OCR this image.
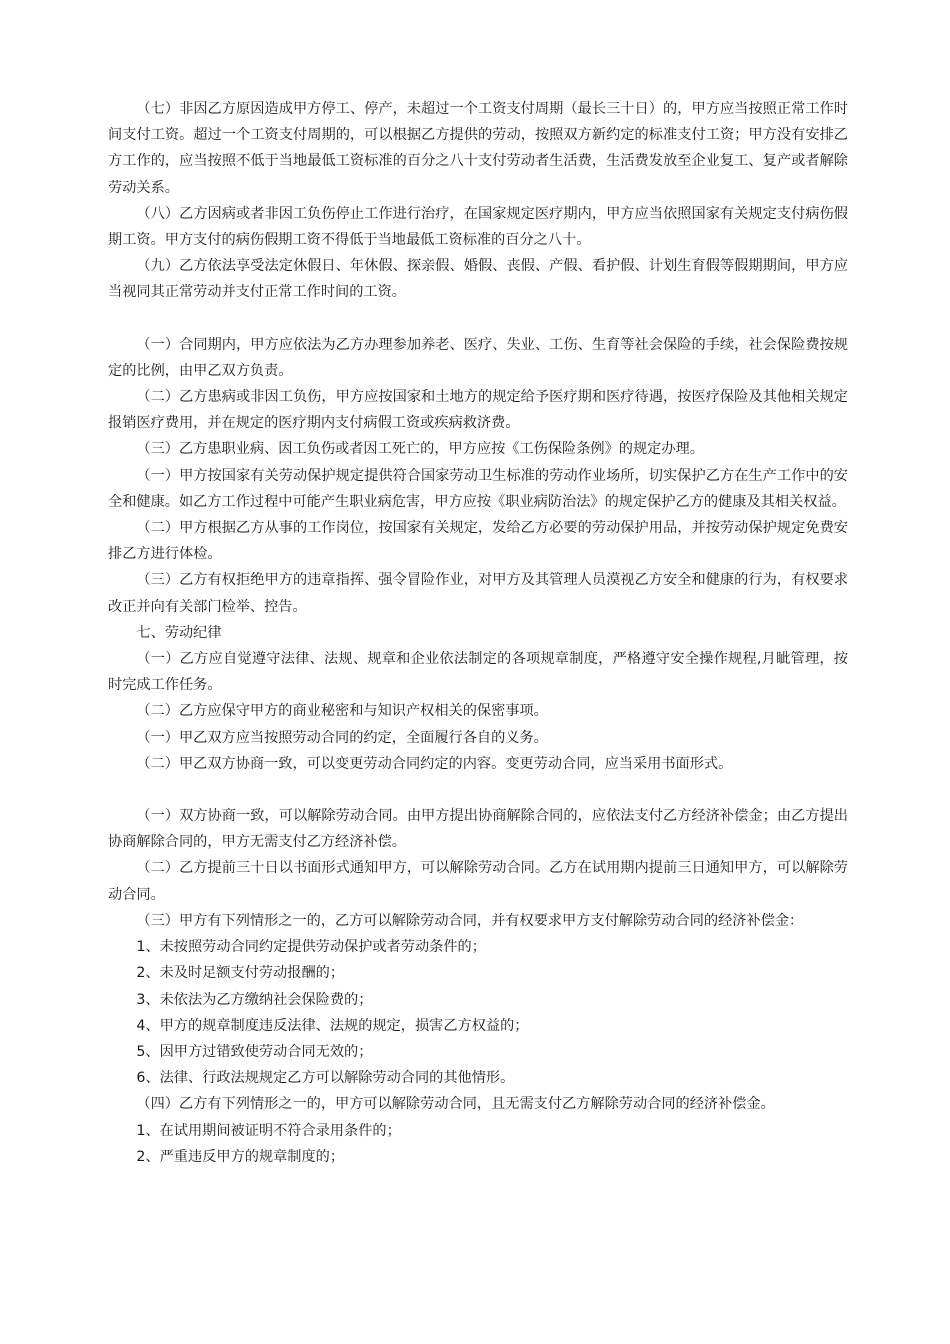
（七）非因乙方原因造成甲方停工、停产，未超过一个工资支付周期（最长三十日）的，甲方应当按照正常工作时间支付工资。超过一个工资支付周期的，可以根据乙方提供的劳动，按照双方新约定的标准支付工资；甲方没有安排乙方工作的，应当按照不低于当地最低工资标准的百分之八十支付劳动者生活费，生活费发放至企业复工、复产或者解除劳动关系。

（八）乙方因病或者非因工负伤停止工作进行治疗，在国家规定医疗期内，甲方应当依照国家有关规定支付病伤假期工资。甲方支付的病伤假期工资不得低于当地最低工资标准的百分之八十。

（九）乙方依法享受法定休假日、年休假、探亲假、婚假、丧假、产假、看护假、计划生育假等假期期间，甲方应当视同其正常劳动并支付正常工作时间的工资。

（一）合同期内，甲方应依法为乙方办理参加养老、医疗、失业、工伤、生育等社会保险的手续，社会保险费按规定的比例，由甲乙双方负责。

（二）乙方患病或非因工负伤，甲方应按国家和土地方的规定给予医疗期和医疗待遇，按医疗保险及其他相关规定报销医疗费用，并在规定的医疗期内支付病假工资或疾病救济费。

（三）乙方患职业病、因工负伤或者因工死亡的，甲方应按《工伤保险条例》的规定办理。

（一）甲方按国家有关劳动保护规定提供符合国家劳动卫生标准的劳动作业场所，切实保护乙方在生产工作中的安全和健康。如乙方工作过程中可能产生职业病危害，甲方应按《职业病防治法》的规定保护乙方的健康及其相关权益。

（二）甲方根据乙方从事的工作岗位，按国家有关规定，发给乙方必要的劳动保护用品，并按劳动保护规定免费安排乙方进行体检。

（三）乙方有权拒绝甲方的违章指挥、强令冒险作业，对甲方及其管理人员漠视乙方安全和健康的行为，有权要求改正并向有关部门检举、控告。

七、劳动纪律

（一）乙方应自觉遵守法律、法规、规章和企业依法制定的各项规章制度，严格遵守安全操作规程,月眦管理，按时完成工作任务。

（二）乙方应保守甲方的商业秘密和与知识产权相关的保密事项。

（一）甲乙双方应当按照劳动合同的约定，全面履行各自的义务。

（二）甲乙双方协商一致，可以变更劳动合同约定的内容。变更劳动合同，应当采用书面形式。

（一）双方协商一致，可以解除劳动合同。由甲方提出协商解除合同的，应依法支付乙方经济补偿金；由乙方提出协商解除合同的，甲方无需支付乙方经济补偿。

（二）乙方提前三十日以书面形式通知甲方，可以解除劳动合同。乙方在试用期内提前三日通知甲方，可以解除劳动合同。

（三）甲方有下列情形之一的，乙方可以解除劳动合同，并有权要求甲方支付解除劳动合同的经济补偿金：

1、未按照劳动合同约定提供劳动保护或者劳动条件的；

2、未及时足额支付劳动报酬的；

3、未依法为乙方缴纳社会保险费的；

4、甲方的规章制度违反法律、法规的规定，损害乙方权益的；

5、因甲方过错致使劳动合同无效的；

6、法律、行政法规规定乙方可以解除劳动合同的其他情形。

（四）乙方有下列情形之一的，甲方可以解除劳动合同，且无需支付乙方解除劳动合同的经济补偿金。

1、在试用期间被证明不符合录用条件的；

2、严重违反甲方的规章制度的；
